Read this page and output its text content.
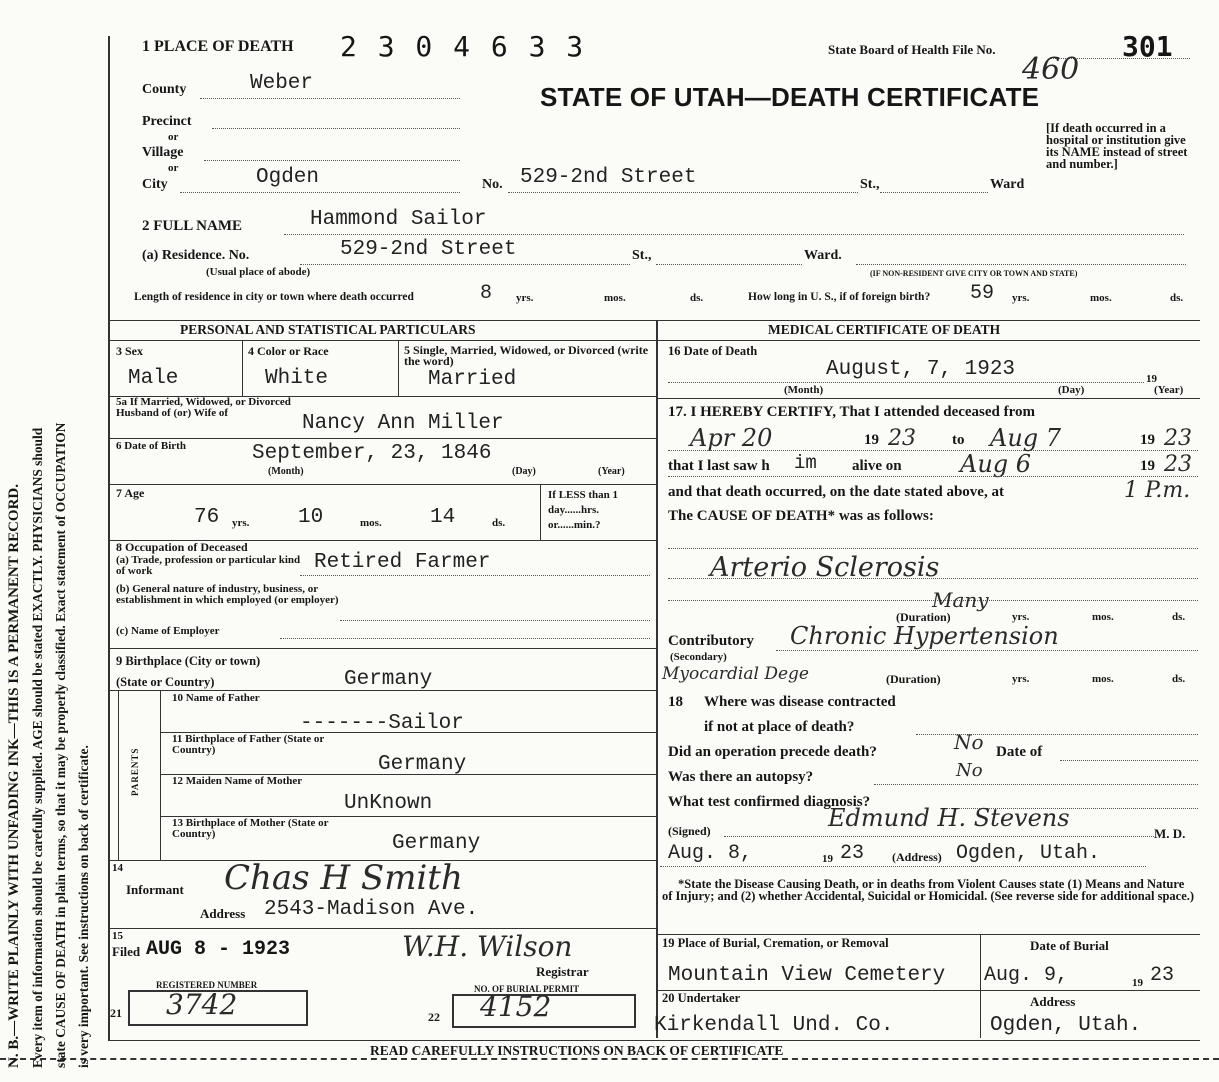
N. B.—WRITE PLAINLY WITH UNFADING INK—THIS IS A PERMANENT RECORD. Every item of information should be carefully supplied. AGE should be stated EXACTLY. PHYSICIANS should state CAUSE OF DEATH in plain terms, so that it may be properly classified. Exact statement of OCCUPATION is very important. See instructions on back of certificate.
1 PLACE OF DEATH 2 3 0 4 6 3 3	State Board of Health File No.	301
460
STATE OF UTAH—DEATH CERTIFICATE
[If death occurred in a hospital or institution give its NAME instead of street and number.]
County	Weber
Precinct
or
Village
or
City	Ogden	No. 529-2nd Street	St.,	Ward
2 FULL NAME	Hammond Sailor
(a) Residence. No.	529-2nd Street	St.,	Ward.
(Usual place of abode)	(IF NON-RESIDENT GIVE CITY OR TOWN AND STATE)
Length of residence in city or town where death occurred	8 yrs.	mos.	ds.	How long in U. S., if of foreign birth? 59 yrs.	mos.	ds.
PERSONAL AND STATISTICAL PARTICULARS
3 Sex
Male
4 Color or Race
White
5 Single, Married, Widowed, or Divorced (write the word)
Married
5a If Married, Widowed, or Divorced Husband of (or) Wife of	Nancy Ann Miller
6 Date of Birth	September, 23, 1846
(Month)	(Day)	(Year)
7 Age
76 yrs. 10	mos. 14	ds.
If LESS than 1 day......hrs. or......min.?
8 Occupation of Deceased
(a) Trade, profession or particular kind of work	Retired Farmer
(b) General nature of industry, business, or establishment in which employed (or employer)
(c) Name of Employer
9 Birthplace (City or town)
(State or Country)	Germany
PARENTS
10 Name of Father
-------Sailor
11 Birthplace of Father (State or Country)
Germany
12 Maiden Name of Mother
UnKnown
13 Birthplace of Mother (State or Country)	Germany
14
Informant Chas H Smith
Address 2543-Madison Ave.
15
Filed AUG 8 - 1923	W.H. Wilson
Registrar
REGISTERED NUMBER	NO. OF BURIAL PERMIT
21 3742	22 4152
MEDICAL CERTIFICATE OF DEATH
16 Date of Death
August, 7, 1923	19
(Month)	(Day)	(Year)
17. I HEREBY CERTIFY, That I attended deceased from
Apr 20	19 23 to Aug 7	19 23
that I last saw h im alive on Aug 6	19 23
and that death occurred, on the date stated above, at	1 P.m.
The CAUSE OF DEATH* was as follows:
Arterio Sclerosis
(Duration)
Many
yrs.	mos.	ds.
Contributory Chronic Hypertension
(Secondary)
Myocardial Dege	(Duration)	yrs.	mos.	ds.
18 Where was disease contracted
if not at place of death?
Did an operation precede death?	No Date of
Was there an autopsy?	No
What test confirmed diagnosis?
(Signed)	Edmund H. Stevens
M. D.
Aug. 8,	19 23 (Address) Ogden, Utah.
*State the Disease Causing Death, or in deaths from Violent Causes state (1) Means and Nature of Injury; and (2) whether Accidental, Suicidal or Homicidal. (See reverse side for additional space.)
19 Place of Burial, Cremation, or Removal	Date of Burial
Mountain View Cemetery Aug. 9,	19 23
20 Undertaker
Kirkendall Und. Co.
Address
Ogden, Utah.
READ CAREFULLY INSTRUCTIONS ON BACK OF CERTIFICATE
